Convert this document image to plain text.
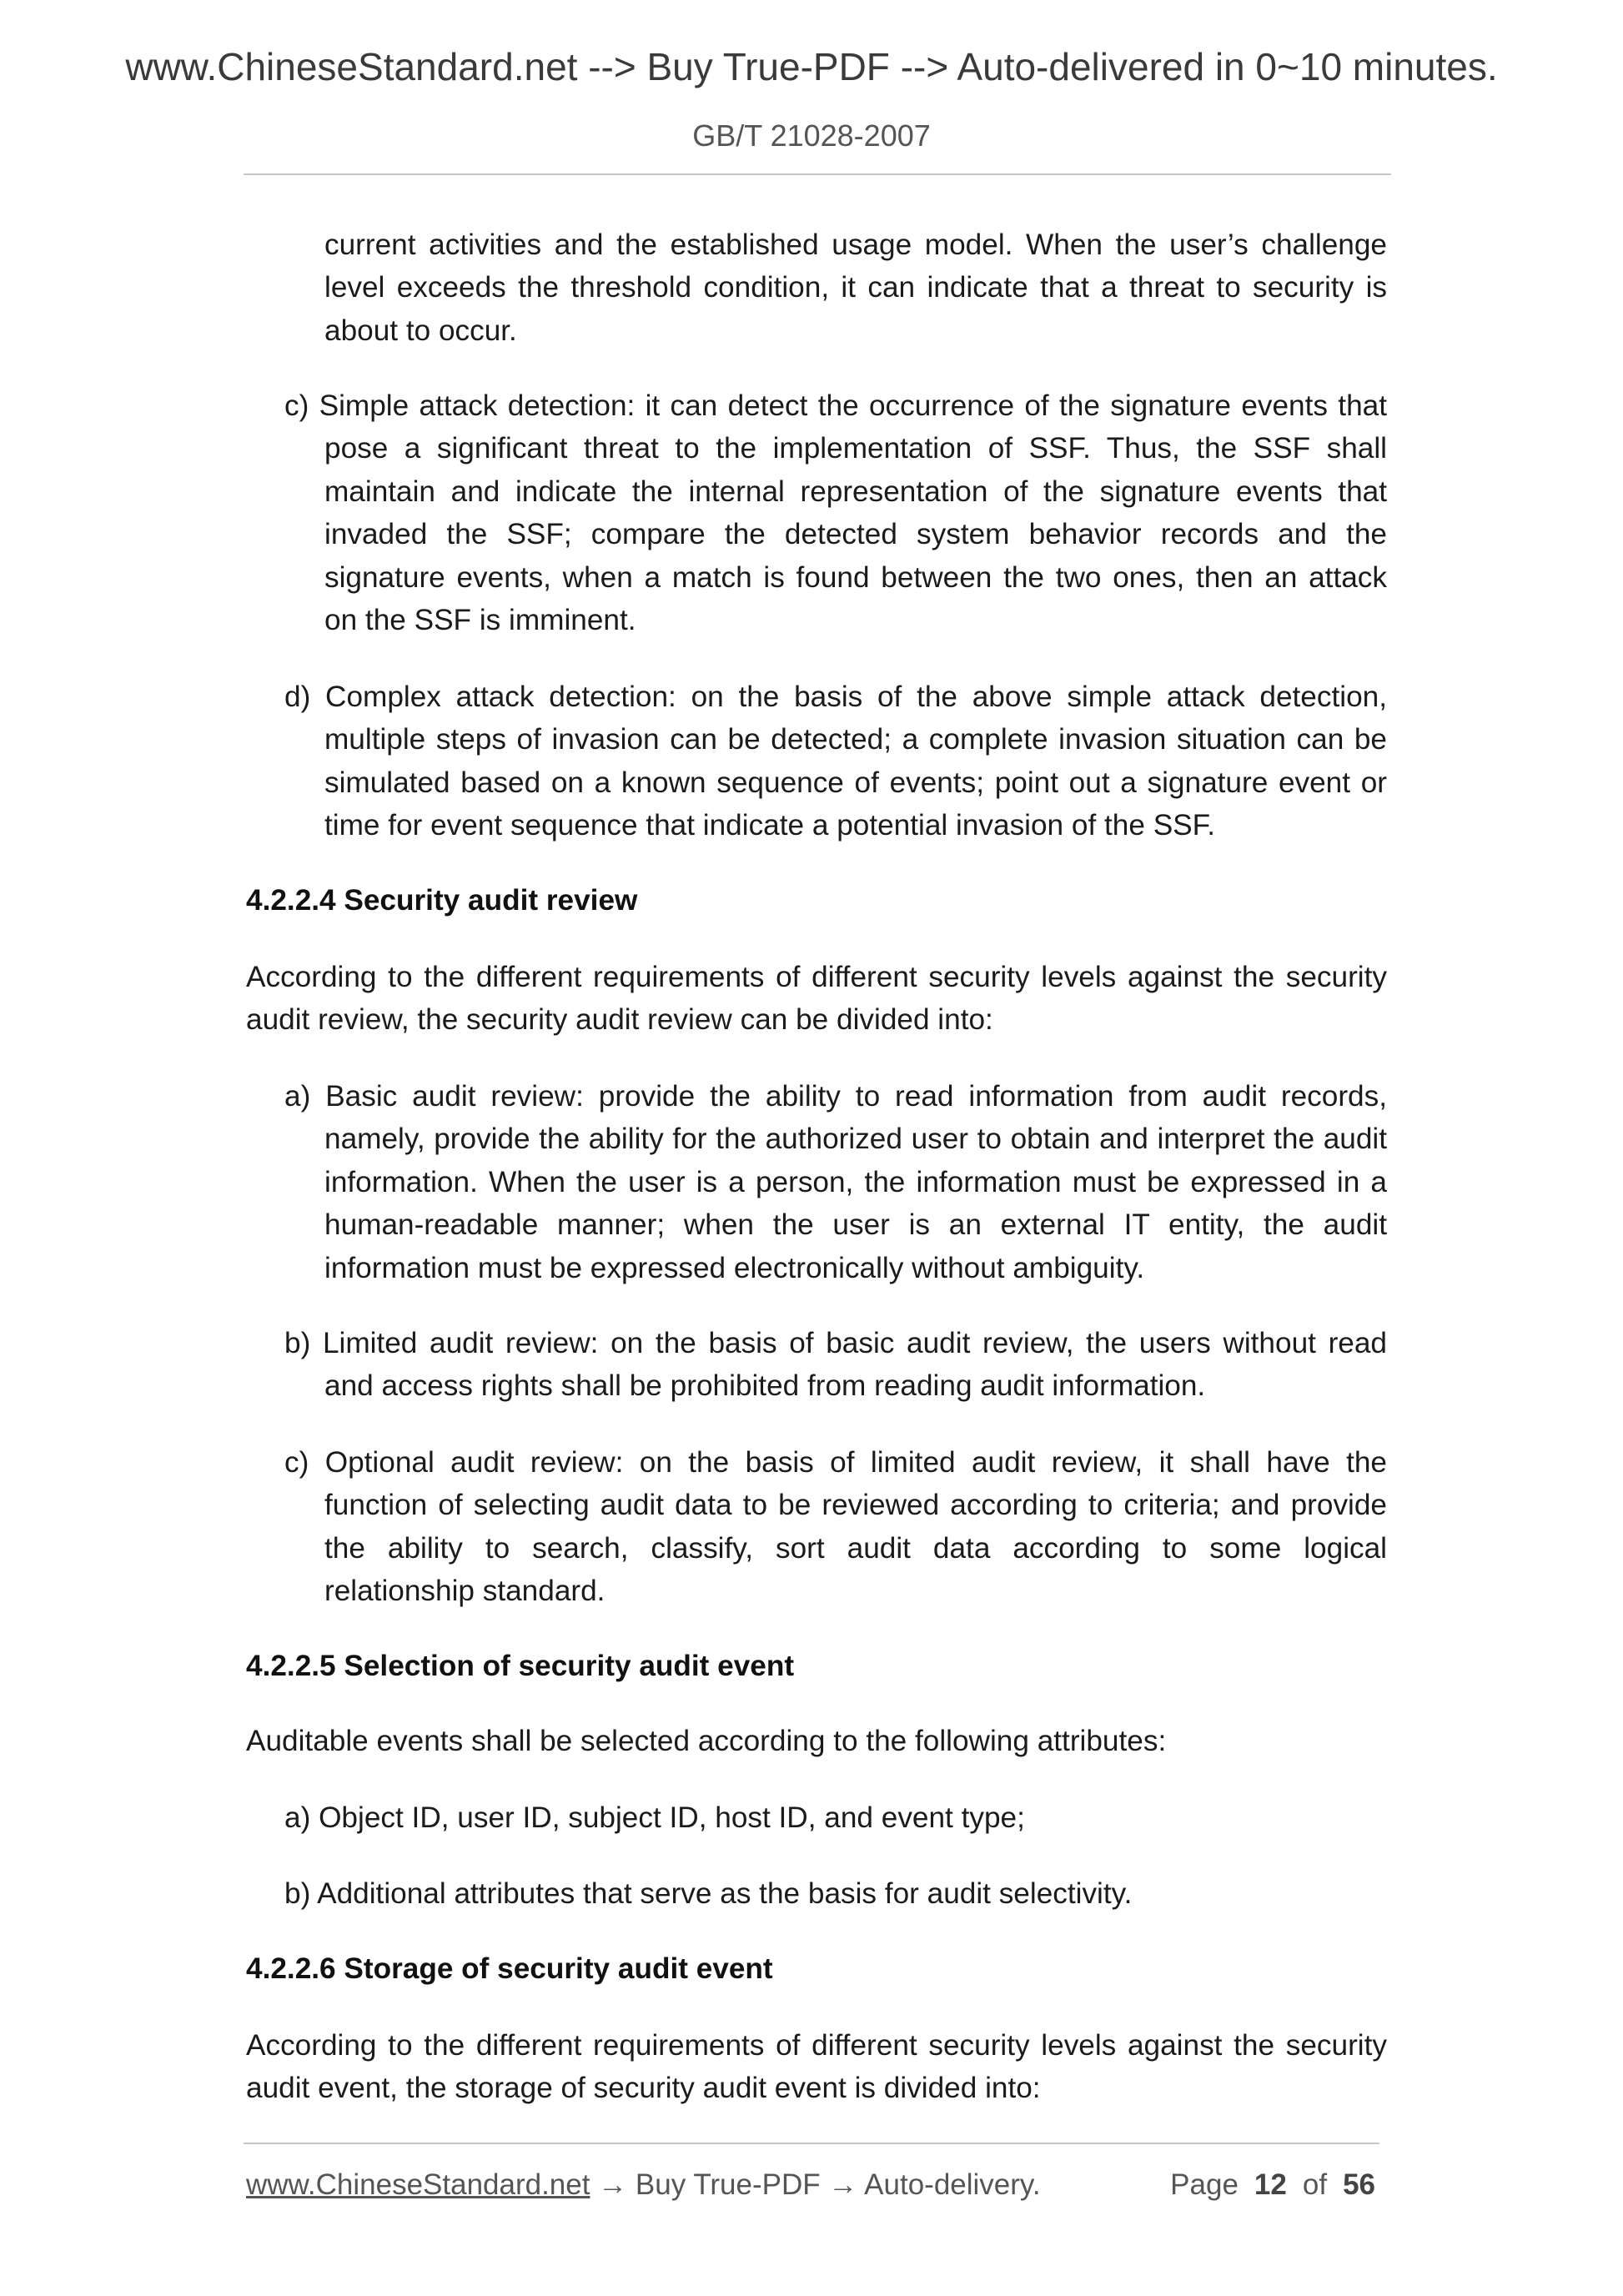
www.ChineseStandard.net --> Buy True-PDF --> Auto-delivered in 0~10 minutes.
GB/T 21028-2007
current activities and the established usage model. When the user’s challenge
level exceeds the threshold condition, it can indicate that a threat to security is
about to occur.
c) Simple attack detection: it can detect the occurrence of the signature events that
pose a significant threat to the implementation of SSF. Thus, the SSF shall
maintain and indicate the internal representation of the signature events that
invaded the SSF; compare the detected system behavior records and the
signature events, when a match is found between the two ones, then an attack
on the SSF is imminent.
d) Complex attack detection: on the basis of the above simple attack detection,
multiple steps of invasion can be detected; a complete invasion situation can be
simulated based on a known sequence of events; point out a signature event or
time for event sequence that indicate a potential invasion of the SSF.
4.2.2.4 Security audit review
According to the different requirements of different security levels against the security
audit review, the security audit review can be divided into:
a) Basic audit review: provide the ability to read information from audit records,
namely, provide the ability for the authorized user to obtain and interpret the audit
information. When the user is a person, the information must be expressed in a
human-readable manner; when the user is an external IT entity, the audit
information must be expressed electronically without ambiguity.
b) Limited audit review: on the basis of basic audit review, the users without read
and access rights shall be prohibited from reading audit information.
c) Optional audit review: on the basis of limited audit review, it shall have the
function of selecting audit data to be reviewed according to criteria; and provide
the ability to search, classify, sort audit data according to some logical
relationship standard.
4.2.2.5 Selection of security audit event
Auditable events shall be selected according to the following attributes:
a) Object ID, user ID, subject ID, host ID, and event type;
b) Additional attributes that serve as the basis for audit selectivity.
4.2.2.6 Storage of security audit event
According to the different requirements of different security levels against the security
audit event, the storage of security audit event is divided into:
www.ChineseStandard.net → Buy True-PDF → Auto-delivery.	Page 12 of 56
